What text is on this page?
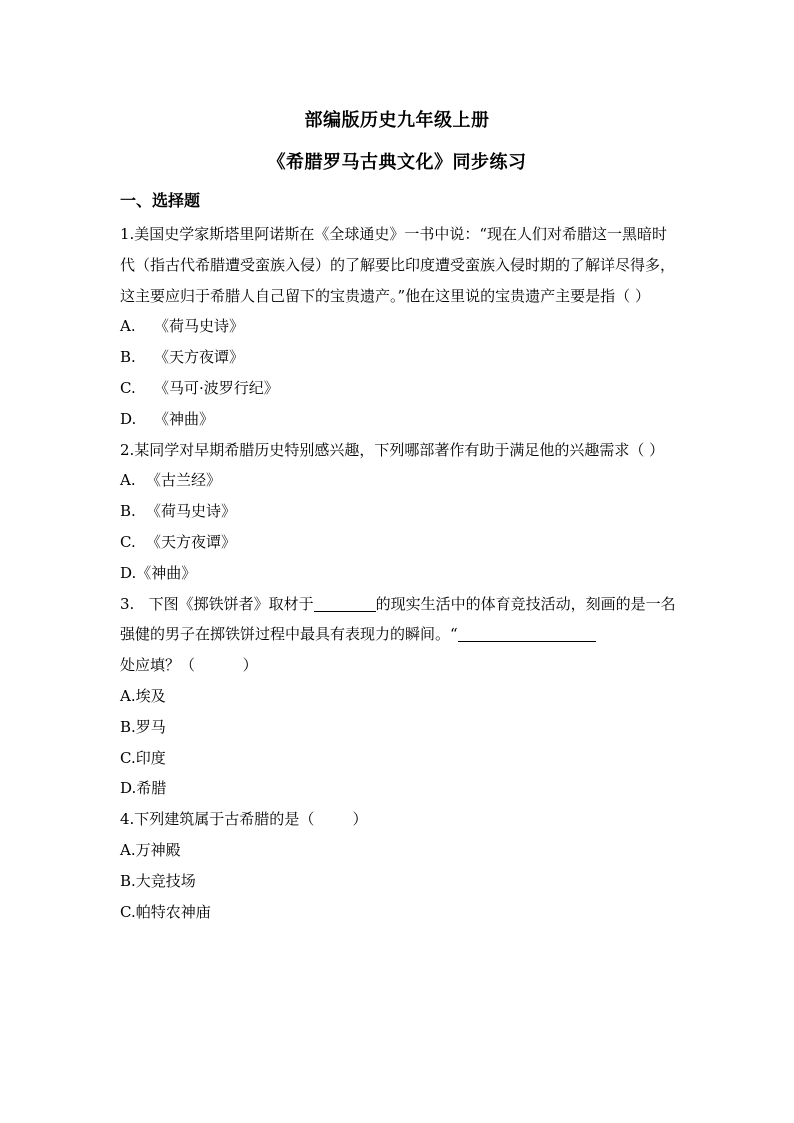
部编版历史九年级上册
《希腊罗马古典文化》同步练习
一、选择题

1.美国史学家斯塔里阿诺斯在《全球通史》一书中说：“现在人们对希腊这一黑暗时代（指古代希腊遭受蛮族入侵）的了解要比印度遭受蛮族入侵时期的了解详尽得多，这主要应归于希腊人自己留下的宝贵遗产。”他在这里说的宝贵遗产主要是指（ ）

A. 《荷马史诗》

B. 《天方夜谭》

C. 《马可·波罗行纪》

D. 《神曲》

2.某同学对早期希腊历史特别感兴趣，下列哪部著作有助于满足他的兴趣需求（ ）

A. 《古兰经》

B. 《荷马史诗》

C. 《天方夜谭》

D.《神曲》

3.   下图《掷铁饼者》取材于	的现实生活中的体育竞技活动，刻画的是一名强健的男子在掷铁饼过程中最具有表现力的瞬间。“处应填？（          ）

A.埃及

B.罗马

C.印度

D.希腊

4.下列建筑属于古希腊的是（        ）

A.万神殿

B.大竞技场

C.帕特农神庙
